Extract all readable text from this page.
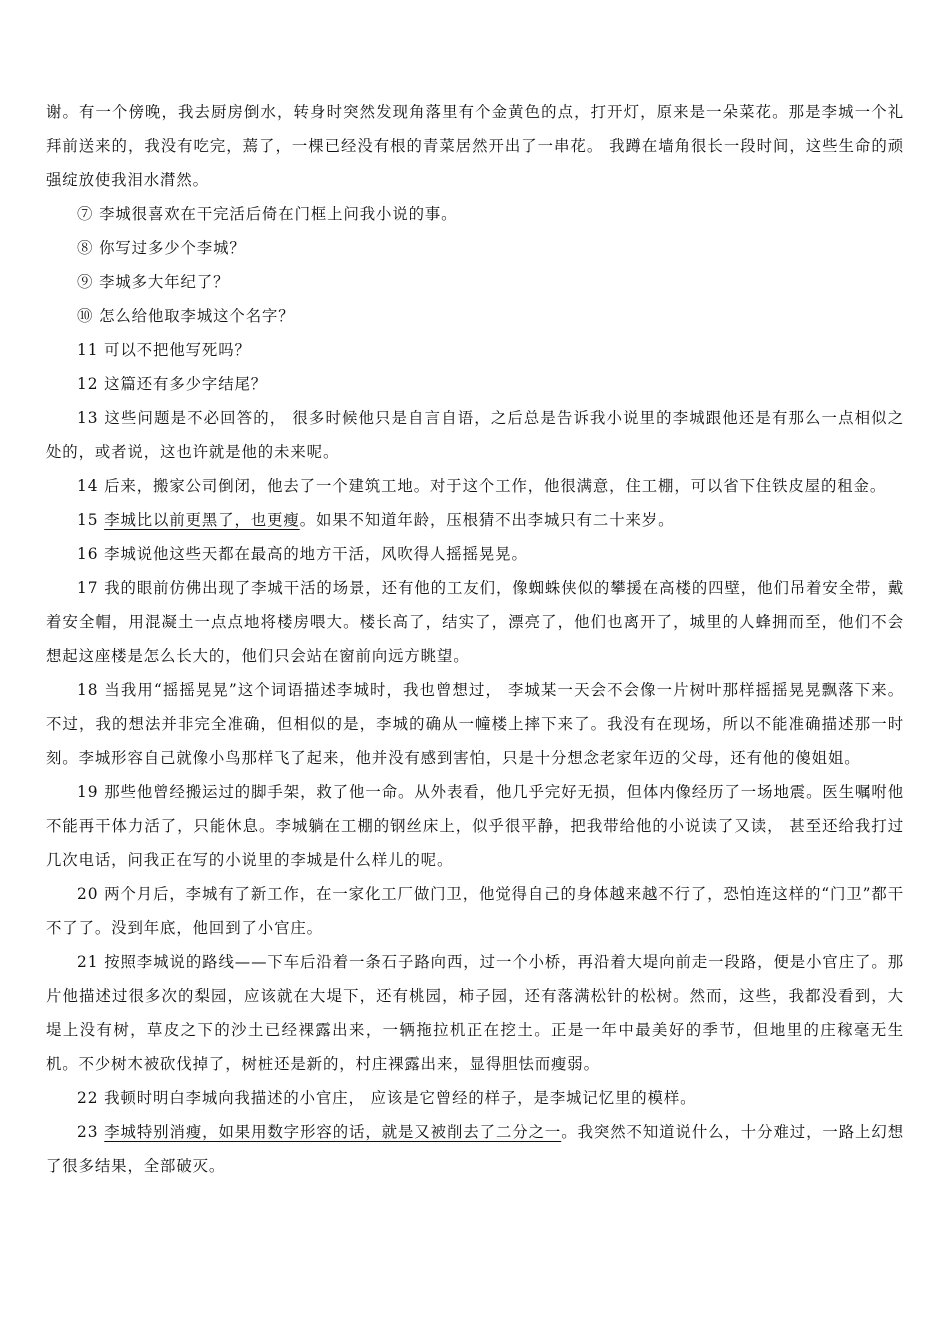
谢。有一个傍晚，我去厨房倒水，转身时突然发现角落里有个金黄色的点，打开灯，原来是一朵菜花。那是李城一个礼拜前送来的，我没有吃完，蔫了，一棵已经没有根的青菜居然开出了一串花。 我蹲在墙角很长一段时间，这些生命的顽强绽放使我泪水潸然。

⑦ 李城很喜欢在干完活后倚在门框上问我小说的事。

⑧ 你写过多少个李城？

⑨ 李城多大年纪了？

⑩ 怎么给他取李城这个名字？

11 可以不把他写死吗？

12 这篇还有多少字结尾？

13 这些问题是不必回答的， 很多时候他只是自言自语，之后总是告诉我小说里的李城跟他还是有那么一点相似之处的，或者说，这也许就是他的未来呢。

14 后来，搬家公司倒闭，他去了一个建筑工地。对于这个工作，他很满意，住工棚，可以省下住铁皮屋的租金。

15 李城比以前更黑了，也更瘦。如果不知道年龄，压根猜不出李城只有二十来岁。

16 李城说他这些天都在最高的地方干活，风吹得人摇摇晃晃。

17 我的眼前仿佛出现了李城干活的场景，还有他的工友们，像蜘蛛侠似的攀援在高楼的四壁，他们吊着安全带，戴着安全帽，用混凝土一点点地将楼房喂大。楼长高了，结实了，漂亮了，他们也离开了，城里的人蜂拥而至，他们不会想起这座楼是怎么长大的，他们只会站在窗前向远方眺望。

18 当我用“摇摇晃晃”这个词语描述李城时，我也曾想过， 李城某一天会不会像一片树叶那样摇摇晃晃飘落下来。不过，我的想法并非完全准确，但相似的是，李城的确从一幢楼上摔下来了。我没有在现场，所以不能准确描述那一时刻。李城形容自己就像小鸟那样飞了起来，他并没有感到害怕，只是十分想念老家年迈的父母，还有他的傻姐姐。

19 那些他曾经搬运过的脚手架，救了他一命。从外表看，他几乎完好无损，但体内像经历了一场地震。医生嘱咐他不能再干体力活了，只能休息。李城躺在工棚的钢丝床上，似乎很平静，把我带给他的小说读了又读， 甚至还给我打过几次电话，问我正在写的小说里的李城是什么样儿的呢。

20 两个月后，李城有了新工作，在一家化工厂做门卫，他觉得自己的身体越来越不行了，恐怕连这样的“门卫”都干不了了。没到年底，他回到了小官庄。

21 按照李城说的路线——下车后沿着一条石子路向西，过一个小桥，再沿着大堤向前走一段路，便是小官庄了。那片他描述过很多次的梨园，应该就在大堤下，还有桃园，柿子园，还有落满松针的松树。然而，这些，我都没看到，大堤上没有树，草皮之下的沙土已经裸露出来，一辆拖拉机正在挖土。正是一年中最美好的季节，但地里的庄稼毫无生机。不少树木被砍伐掉了，树桩还是新的，村庄裸露出来，显得胆怯而瘦弱。

22 我顿时明白李城向我描述的小官庄， 应该是它曾经的样子，是李城记忆里的模样。

23 李城特别消瘦，如果用数字形容的话，就是又被削去了二分之一。我突然不知道说什么，十分难过，一路上幻想了很多结果，全部破灭。
